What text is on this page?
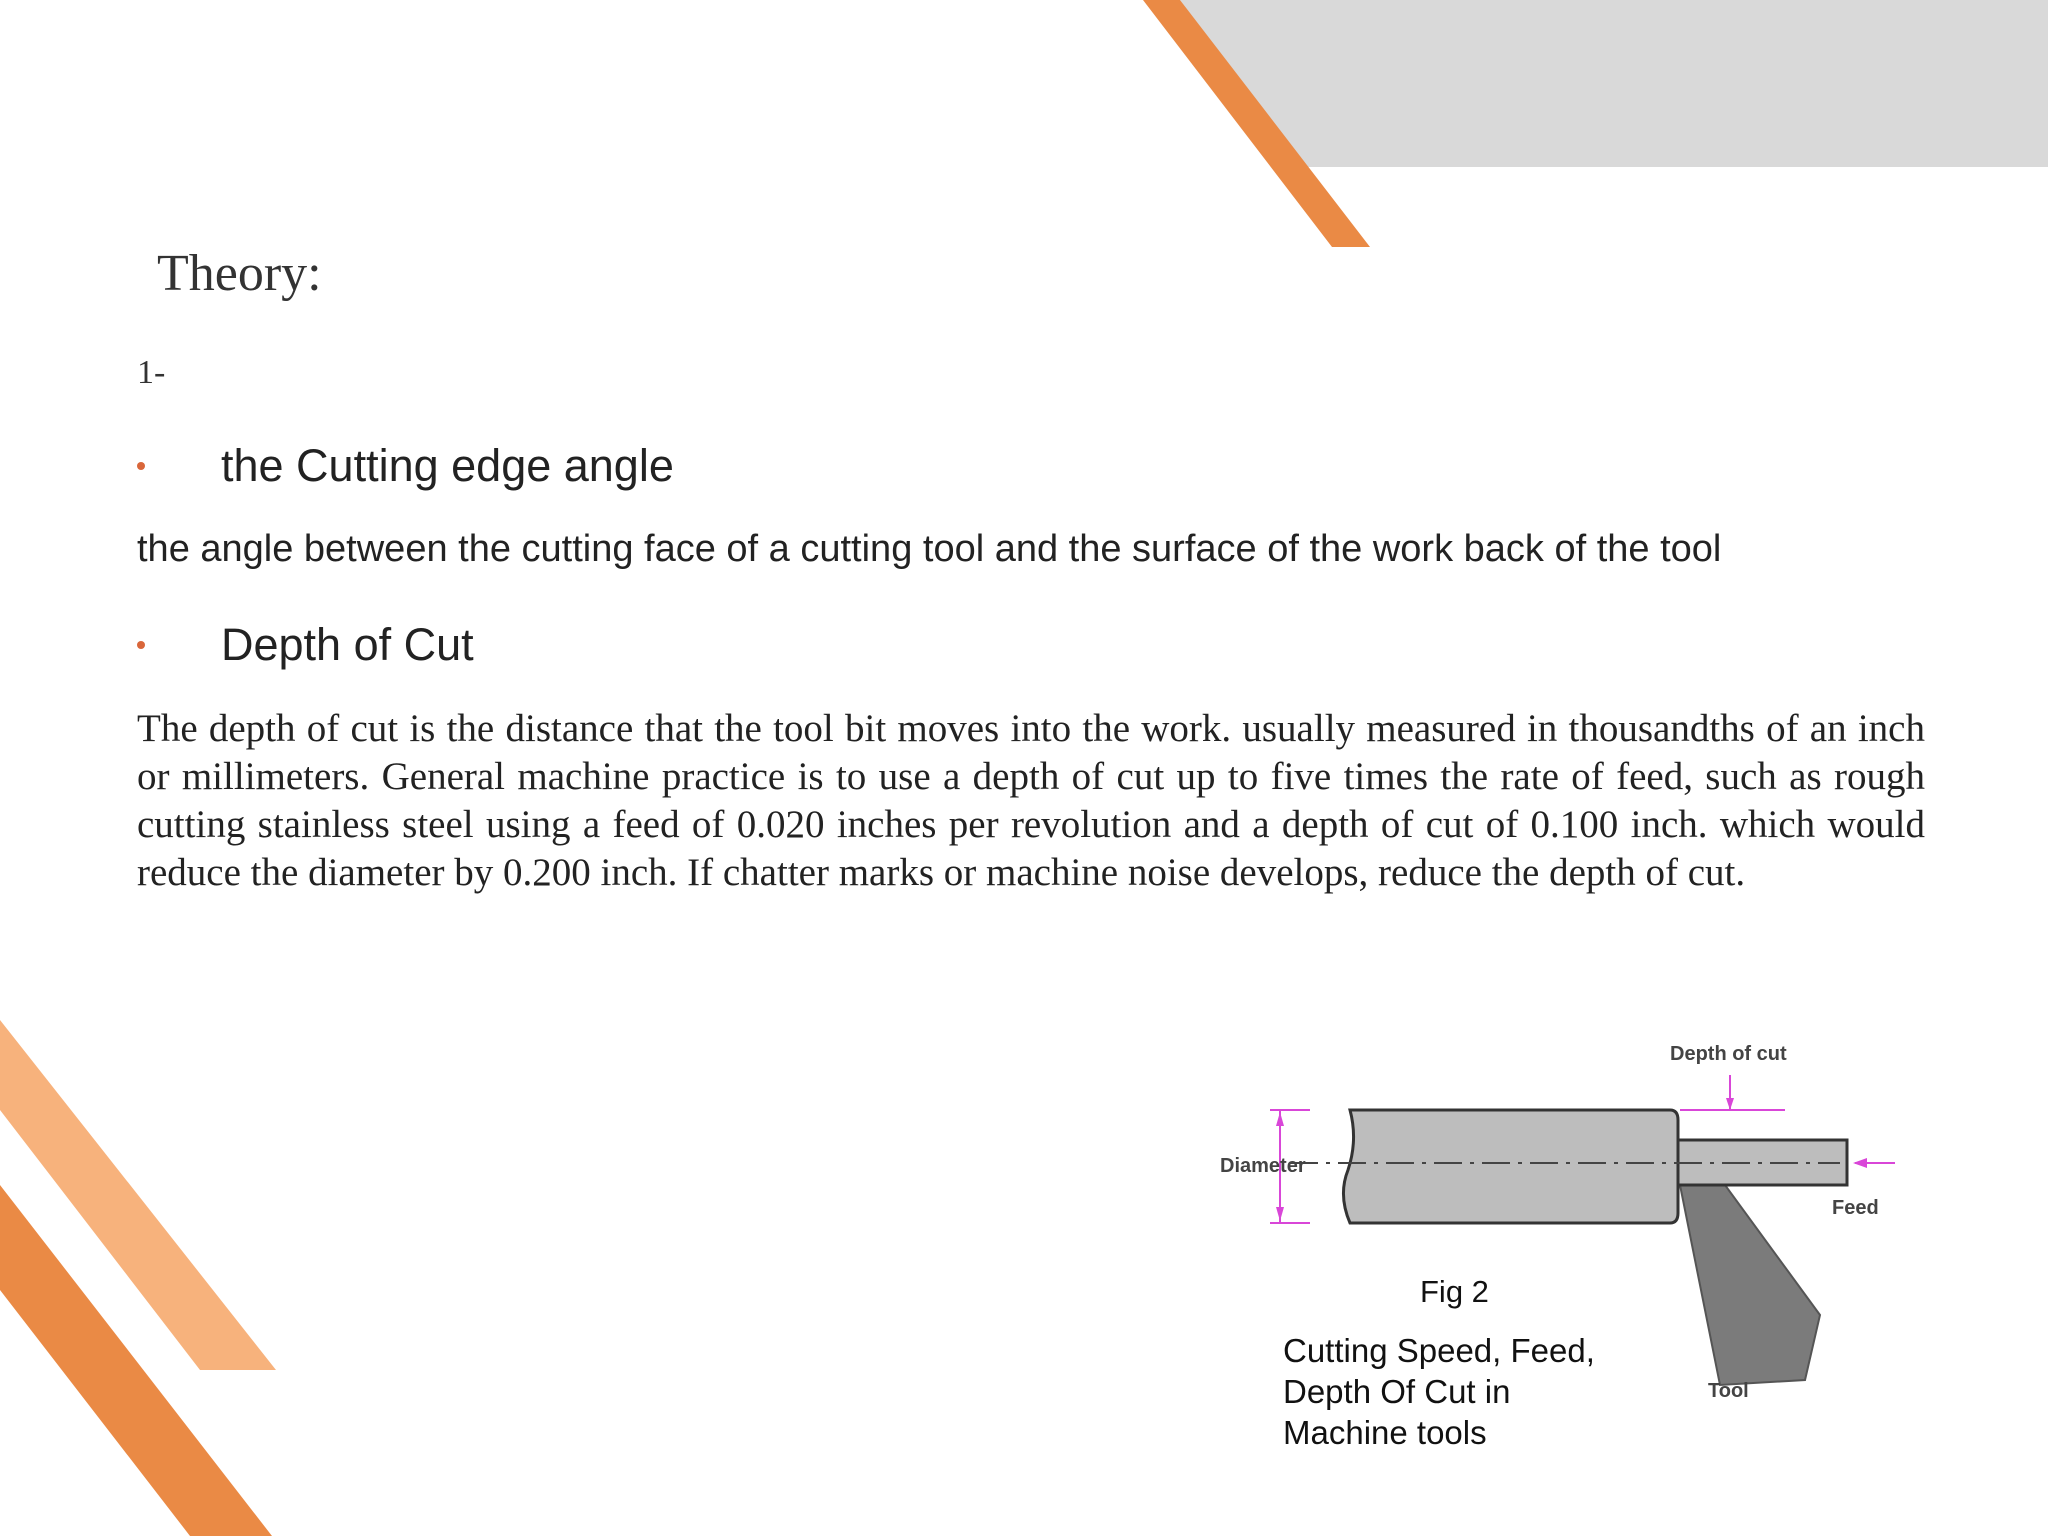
Theory:
1-
the Cutting edge angle
the angle between the cutting face of a cutting tool and the surface of the work back of the tool
Depth of Cut

The depth of cut is the distance that the tool bit moves into the work. usually measured in thousandths of an inch or millimeters. General machine practice is to use a depth of cut up to five times the rate of feed, such as rough cutting stainless steel using a feed of 0.020 inches per revolution and a depth of cut of 0.100 inch. which would reduce the diameter by 0.200 inch. If chatter marks or machine noise develops, reduce the depth of cut.

Diameter
Depth of cut
Feed
Tool
Fig 2
Cutting Speed, Feed, Depth Of Cut in Machine tools
